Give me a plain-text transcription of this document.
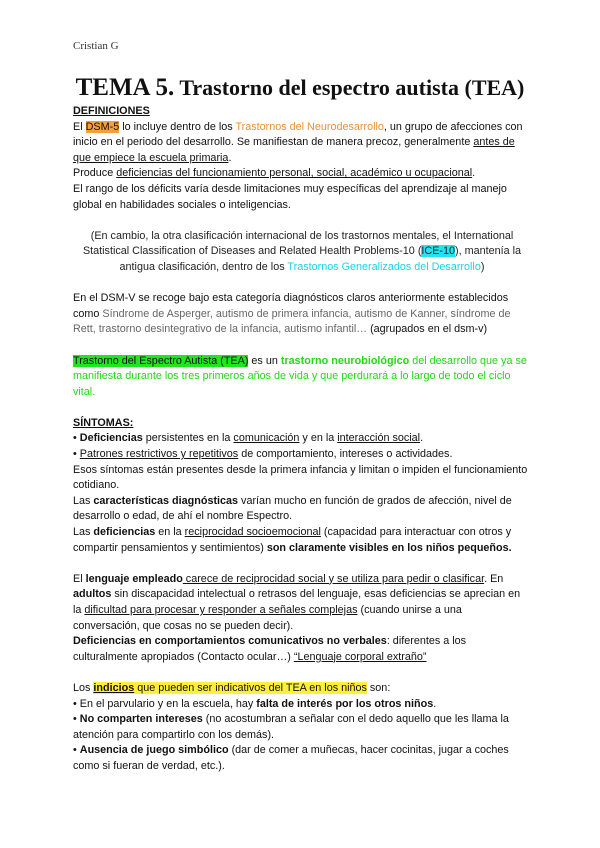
Cristian G
TEMA 5. Trastorno del espectro autista (TEA)

DEFINICIONES

El DSM-5 lo incluye dentro de los Trastornos del Neurodesarrollo, un grupo de afecciones con inicio en el periodo del desarrollo. Se manifiestan de manera precoz, generalmente antes de que empiece la escuela primaria.

Produce deficiencias del funcionamiento personal, social, académico u ocupacional.

El rango de los déficits varía desde limitaciones muy específicas del aprendizaje al manejo global en habilidades sociales o inteligencias.

(En cambio, la otra clasificación internacional de los trastornos mentales, el International Statistical Classification of Diseases and Related Health Problems-10 (ICE-10), mantenía la antigua clasificación, dentro de los Trastornos Generalizados del Desarrollo)

En el DSM-V se recoge bajo esta categoría diagnósticos claros anteriormente establecidos como Síndrome de Asperger, autismo de primera infancia, autismo de Kanner, síndrome de Rett, trastorno desintegrativo de la infancia, autismo infantil… (agrupados en el dsm-v)

Trastorno del Espectro Autista (TEA) es un trastorno neurobiológico del desarrollo que ya se manifiesta durante los tres primeros años de vida y que perdurará a lo largo de todo el ciclo vital.

SÍNTOMAS:

• Deficiencias persistentes en la comunicación y en la interacción social.

• Patrones restrictivos y repetitivos de comportamiento, intereses o actividades.

Esos síntomas están presentes desde la primera infancia y limitan o impiden el funcionamiento cotidiano.

Las características diagnósticas varían mucho en función de grados de afección, nivel de desarrollo o edad, de ahí el nombre Espectro.

Las deficiencias en la reciprocidad socioemocional (capacidad para interactuar con otros y compartir pensamientos y sentimientos) son claramente visibles en los niños pequeños.

El lenguaje empleado carece de reciprocidad social y se utiliza para pedir o clasificar. En adultos sin discapacidad intelectual o retrasos del lenguaje, esas deficiencias se aprecian en la dificultad para procesar y responder a señales complejas (cuando unirse a una conversación, que cosas no se pueden decir).

Deficiencias en comportamientos comunicativos no verbales: diferentes a los culturalmente apropiados (Contacto ocular…) “Lenguaje corporal extraño”

Los indicios que pueden ser indicativos del TEA en los niños son:

• En el parvulario y en la escuela, hay falta de interés por los otros niños.

• No comparten intereses (no acostumbran a señalar con el dedo aquello que les llama la atención para compartirlo con los demás).

• Ausencia de juego simbólico (dar de comer a muñecas, hacer cocinitas, jugar a coches como si fueran de verdad, etc.).
